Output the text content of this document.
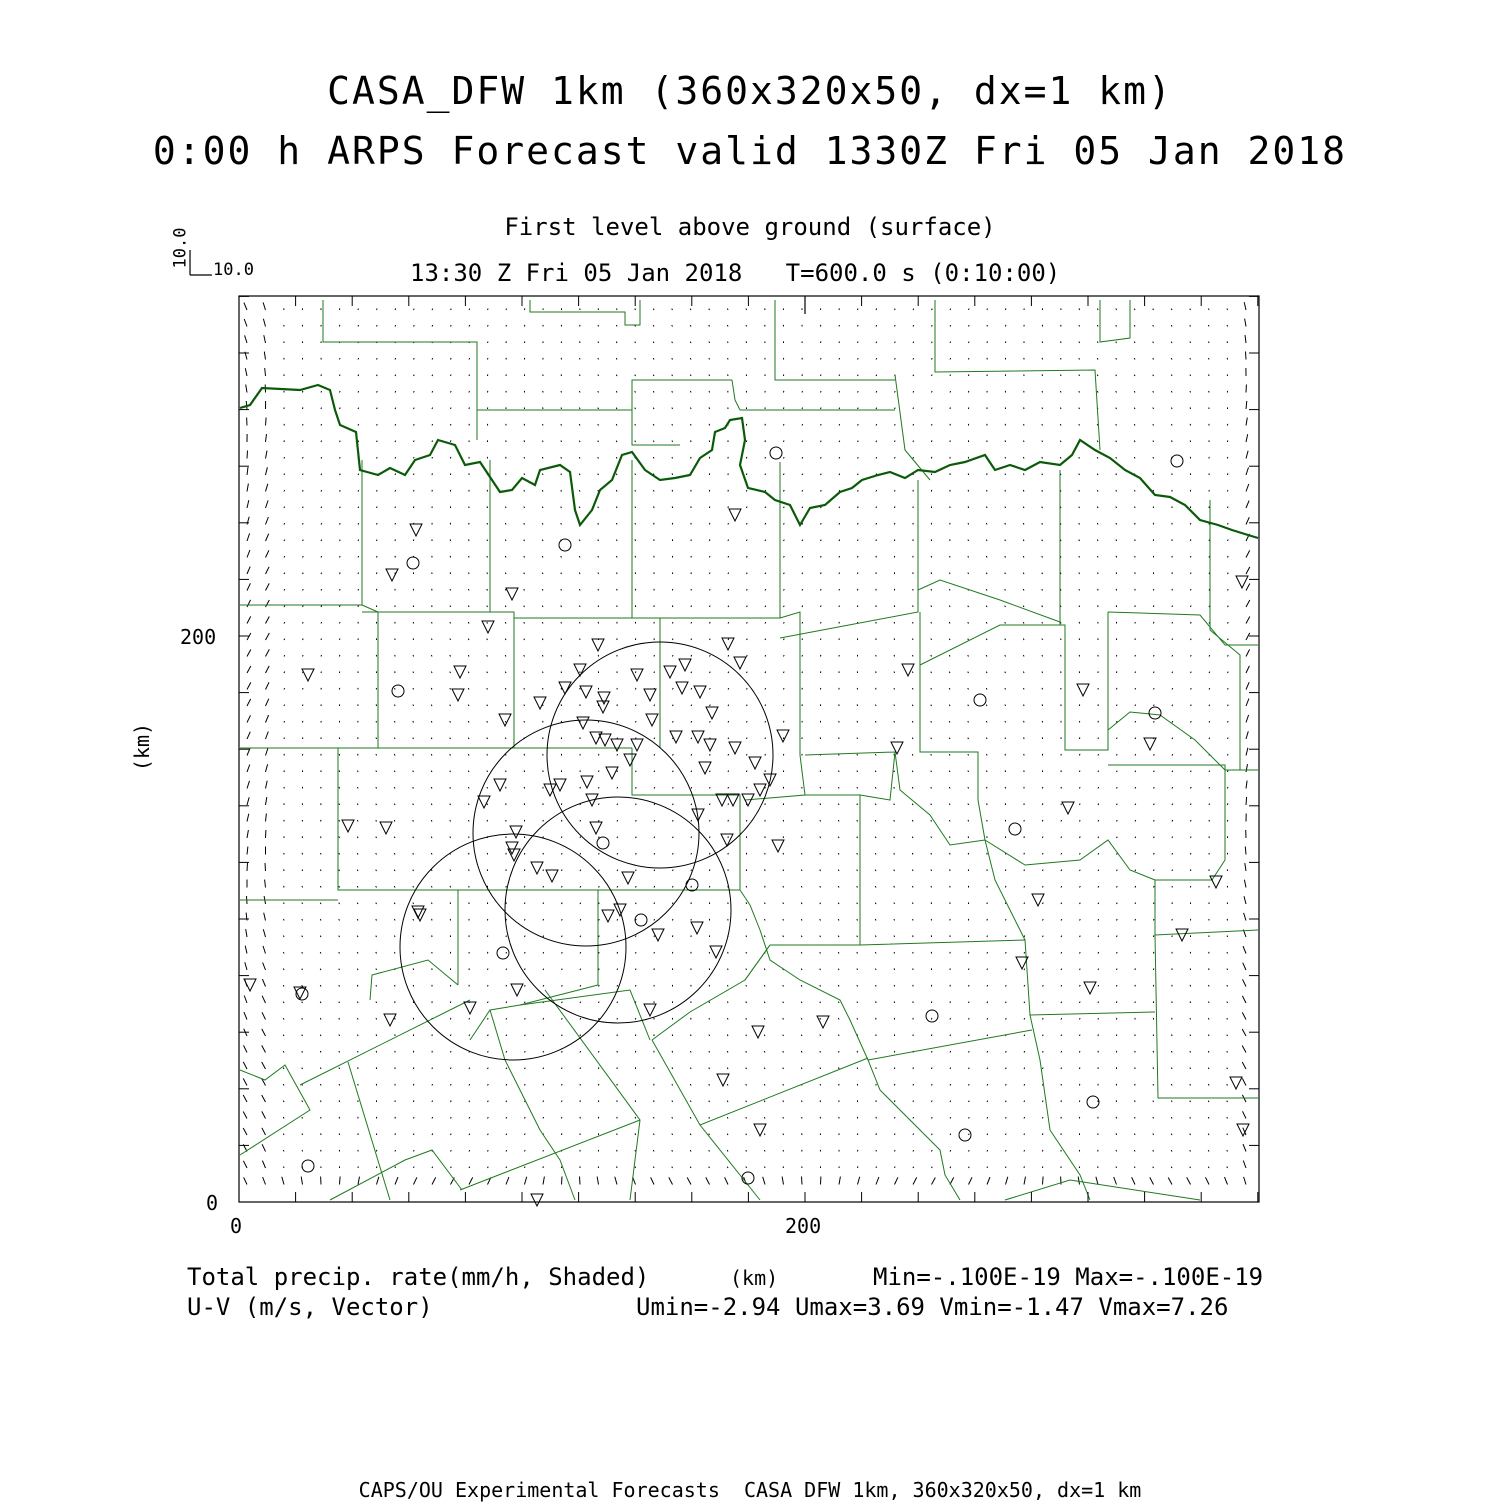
CASA_DFW 1km (360x320x50, dx=1 km)
0:00 h ARPS Forecast valid 1330Z Fri 05 Jan 2018
First level above ground (surface)
13:30 Z Fri 05 Jan 2018   T=600.0 s (0:10:00)
10.0
10.0
200
0
0	200
(km)
(km)
Total precip. rate(mm/h, Shaded)	Min=-.100E-19 Max=-.100E-19
U-V (m/s, Vector)	Umin=-2.94 Umax=3.69 Vmin=-1.47 Vmax=7.26
CAPS/OU Experimental Forecasts  CASA DFW 1km, 360x320x50, dx=1 km
